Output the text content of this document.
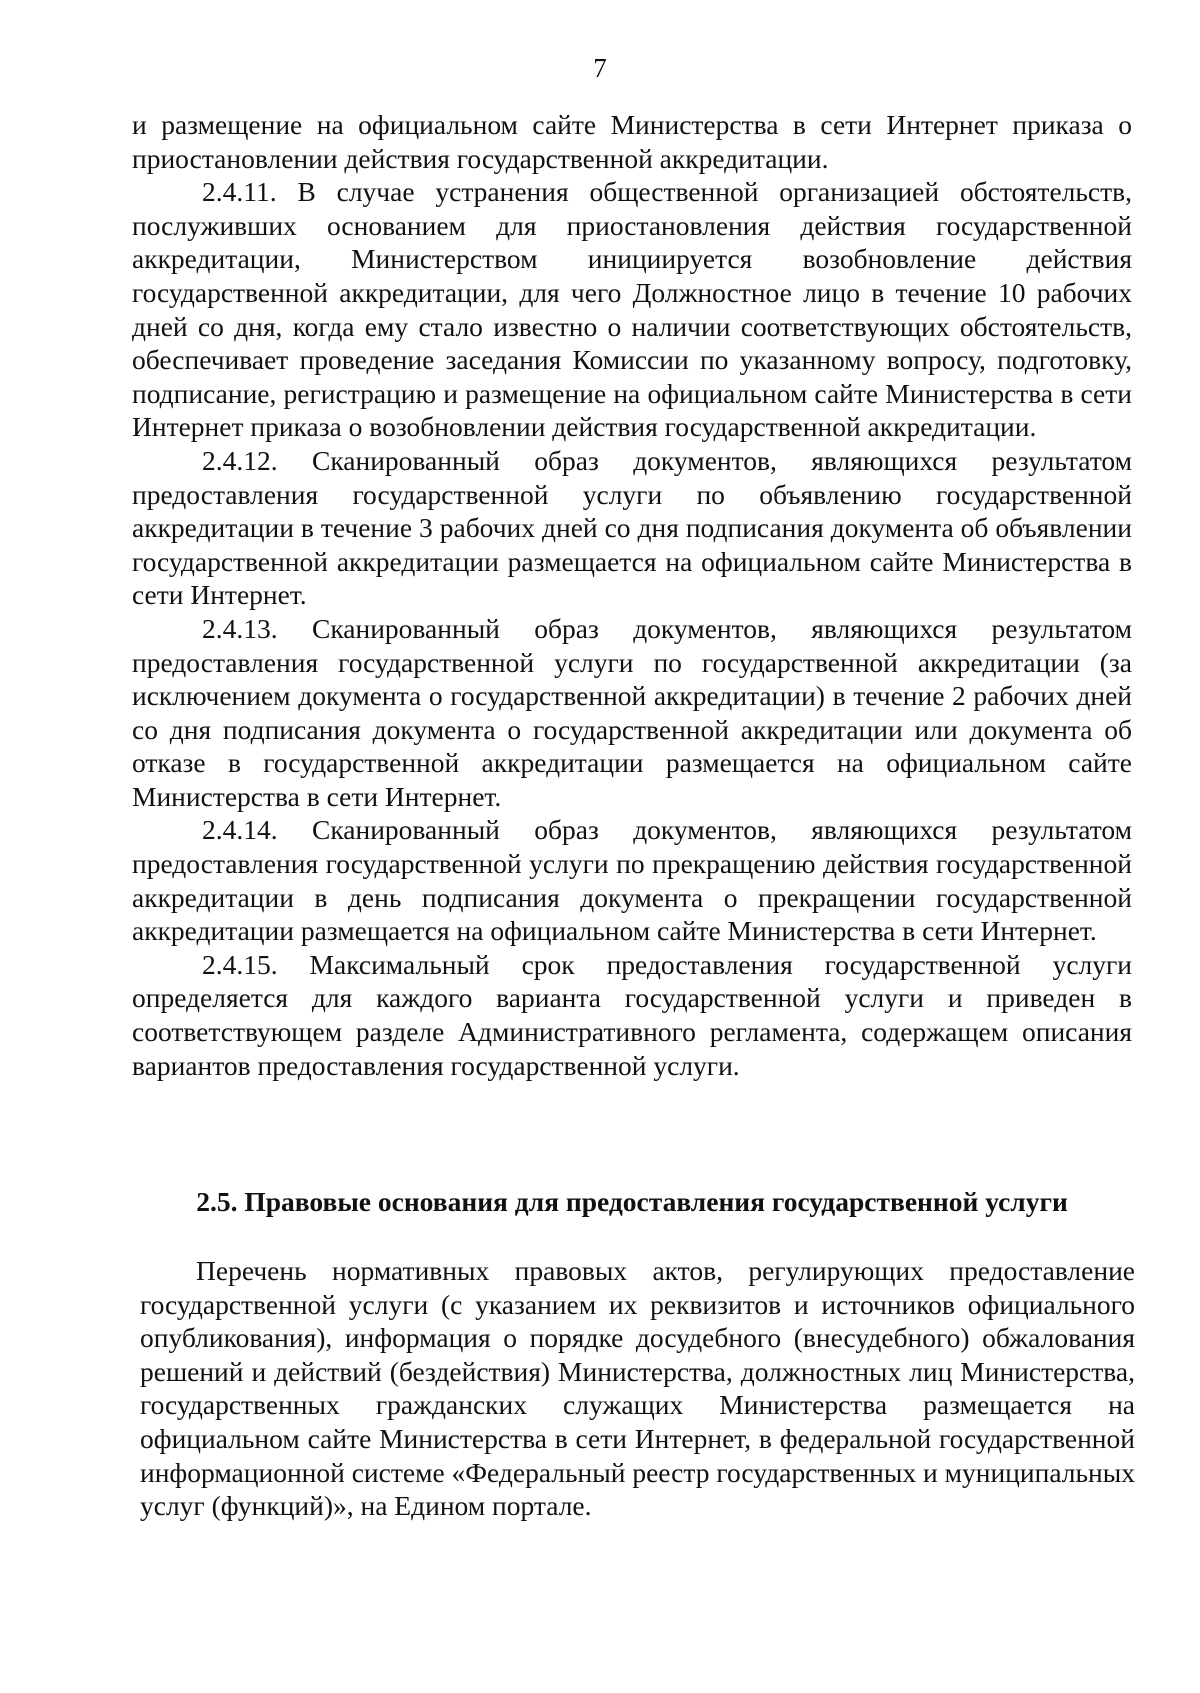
7

и размещение на официальном сайте Министерства в сети Интернет приказа о приостановлении действия государственной аккредитации.

2.4.11. В случае устранения общественной организацией обстоятельств, послуживших основанием для приостановления действия государственной аккредитации, Министерством инициируется возобновление действия государственной аккредитации, для чего Должностное лицо в течение 10 рабочих дней со дня, когда ему стало известно о наличии соответствующих обстоятельств, обеспечивает проведение заседания Комиссии по указанному вопросу, подготовку, подписание, регистрацию и размещение на официальном сайте Министерства в сети Интернет приказа о возобновлении действия государственной аккредитации.

2.4.12. Сканированный образ документов, являющихся результатом предоставления государственной услуги по объявлению государственной аккредитации в течение 3 рабочих дней со дня подписания документа об объявлении государственной аккредитации размещается на официальном сайте Министерства в сети Интернет.

2.4.13. Сканированный образ документов, являющихся результатом предоставления государственной услуги по государственной аккредитации (за исключением документа о государственной аккредитации) в течение 2 рабочих дней со дня подписания документа о государственной аккредитации или документа об отказе в государственной аккредитации размещается на официальном сайте Министерства в сети Интернет.

2.4.14. Сканированный образ документов, являющихся результатом предоставления государственной услуги по прекращению действия государственной аккредитации в день подписания документа о прекращении государственной аккредитации размещается на официальном сайте Министерства в сети Интернет.

2.4.15. Максимальный срок предоставления государственной услуги определяется для каждого варианта государственной услуги и приведен в соответствующем разделе Административного регламента, содержащем описания вариантов предоставления государственной услуги.

2.5. Правовые основания для предоставления государственной услуги

Перечень нормативных правовых актов, регулирующих предоставление государственной услуги (с указанием их реквизитов и источников официального опубликования), информация о порядке досудебного (внесудебного) обжалования решений и действий (бездействия) Министерства, должностных лиц Министерства, государственных гражданских служащих Министерства размещается на официальном сайте Министерства в сети Интернет, в федеральной государственной информационной системе «Федеральный реестр государственных и муниципальных услуг (функций)», на Едином портале.
